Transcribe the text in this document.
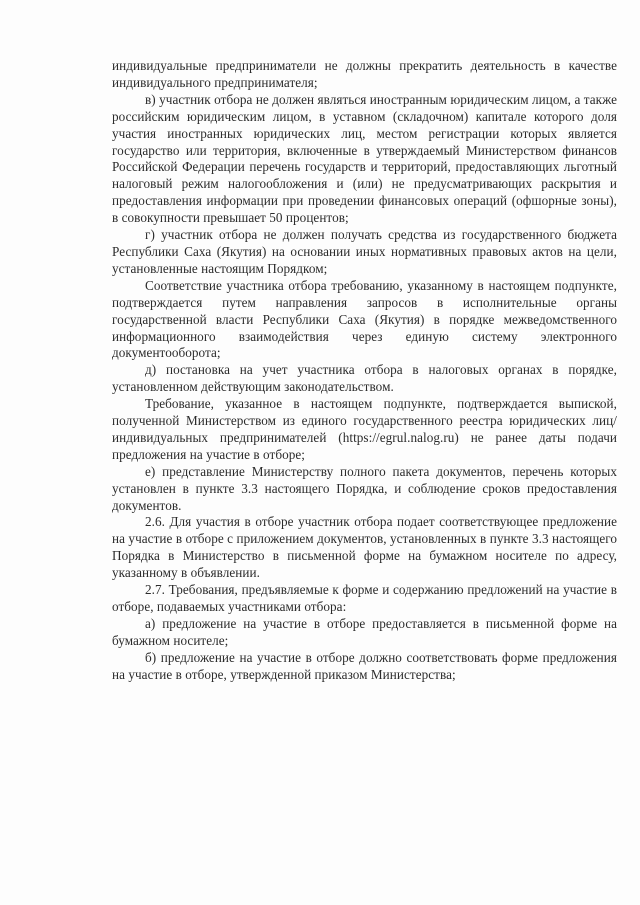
индивидуальные предприниматели не должны прекратить деятельность в качестве индивидуального предпринимателя;

в) участник отбора не должен являться иностранным юридическим лицом, а также российским юридическим лицом, в уставном (складочном) капитале которого доля участия иностранных юридических лиц, местом регистрации которых является государство или территория, включенные в утверждаемый Министерством финансов Российской Федерации перечень государств и территорий, предоставляющих льготный налоговый режим налогообложения и (или) не предусматривающих раскрытия и предоставления информации при проведении финансовых операций (офшорные зоны), в совокупности превышает 50 процентов;

г) участник отбора не должен получать средства из государственного бюджета Республики Саха (Якутия) на основании иных нормативных правовых актов на цели, установленные настоящим Порядком;

Соответствие участника отбора требованию, указанному в настоящем подпункте, подтверждается путем направления запросов в исполнительные органы государственной власти Республики Саха (Якутия) в порядке межведомственного информационного взаимодействия через единую систему электронного документооборота;

д) постановка на учет участника отбора в налоговых органах в порядке, установленном действующим законодательством.

Требование, указанное в настоящем подпункте, подтверждается выпиской, полученной Министерством из единого государственного реестра юридических лиц/индивидуальных предпринимателей (https://egrul.nalog.ru) не ранее даты подачи предложения на участие в отборе;

е) представление Министерству полного пакета документов, перечень которых установлен в пункте 3.3 настоящего Порядка, и соблюдение сроков предоставления документов.

2.6. Для участия в отборе участник отбора подает соответствующее предложение на участие в отборе с приложением документов, установленных в пункте 3.3 настоящего Порядка в Министерство в письменной форме на бумажном носителе по адресу, указанному в объявлении.

2.7. Требования, предъявляемые к форме и содержанию предложений на участие в отборе, подаваемых участниками отбора:

а) предложение на участие в отборе предоставляется в письменной форме на бумажном носителе;

б) предложение на участие в отборе должно соответствовать форме предложения на участие в отборе, утвержденной приказом Министерства;
